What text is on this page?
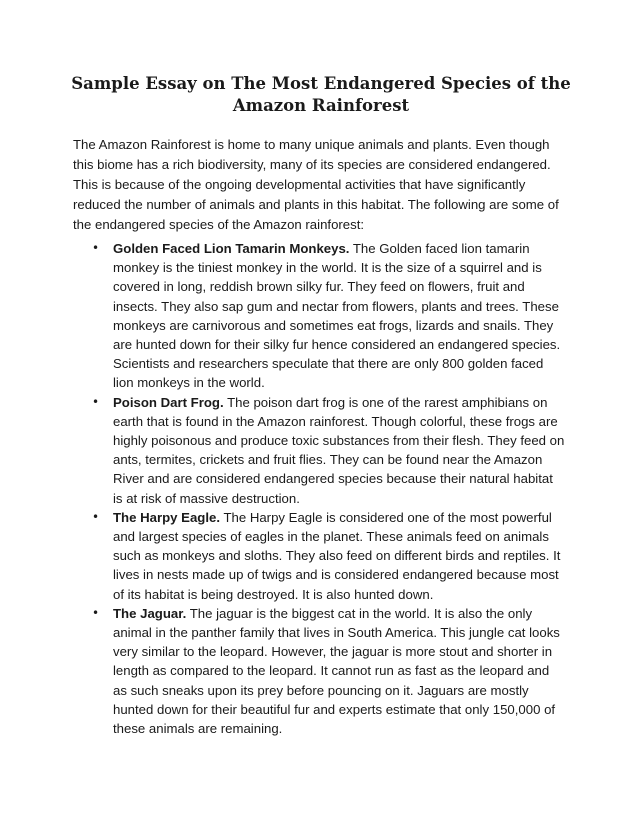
Sample Essay on The Most Endangered Species of the Amazon Rainforest

The Amazon Rainforest is home to many unique animals and plants. Even though this biome has a rich biodiversity, many of its species are considered endangered. This is because of the ongoing developmental activities that have significantly reduced the number of animals and plants in this habitat. The following are some of the endangered species of the Amazon rainforest:

• Golden Faced Lion Tamarin Monkeys. The Golden faced lion tamarin monkey is the tiniest monkey in the world. It is the size of a squirrel and is covered in long, reddish brown silky fur. They feed on flowers, fruit and insects. They also sap gum and nectar from flowers, plants and trees. These monkeys are carnivorous and sometimes eat frogs, lizards and snails. They are hunted down for their silky fur hence considered an endangered species. Scientists and researchers speculate that there are only 800 golden faced lion monkeys in the world.
• Poison Dart Frog. The poison dart frog is one of the rarest amphibians on earth that is found in the Amazon rainforest. Though colorful, these frogs are highly poisonous and produce toxic substances from their flesh. They feed on ants, termites, crickets and fruit flies. They can be found near the Amazon River and are considered endangered species because their natural habitat is at risk of massive destruction.
• The Harpy Eagle. The Harpy Eagle is considered one of the most powerful and largest species of eagles in the planet. These animals feed on animals such as monkeys and sloths. They also feed on different birds and reptiles. It lives in nests made up of twigs and is considered endangered because most of its habitat is being destroyed. It is also hunted down.
• The Jaguar. The jaguar is the biggest cat in the world. It is also the only animal in the panther family that lives in South America. This jungle cat looks very similar to the leopard. However, the jaguar is more stout and shorter in length as compared to the leopard. It cannot run as fast as the leopard and as such sneaks upon its prey before pouncing on it. Jaguars are mostly hunted down for their beautiful fur and experts estimate that only 150,000 of these animals are remaining.
